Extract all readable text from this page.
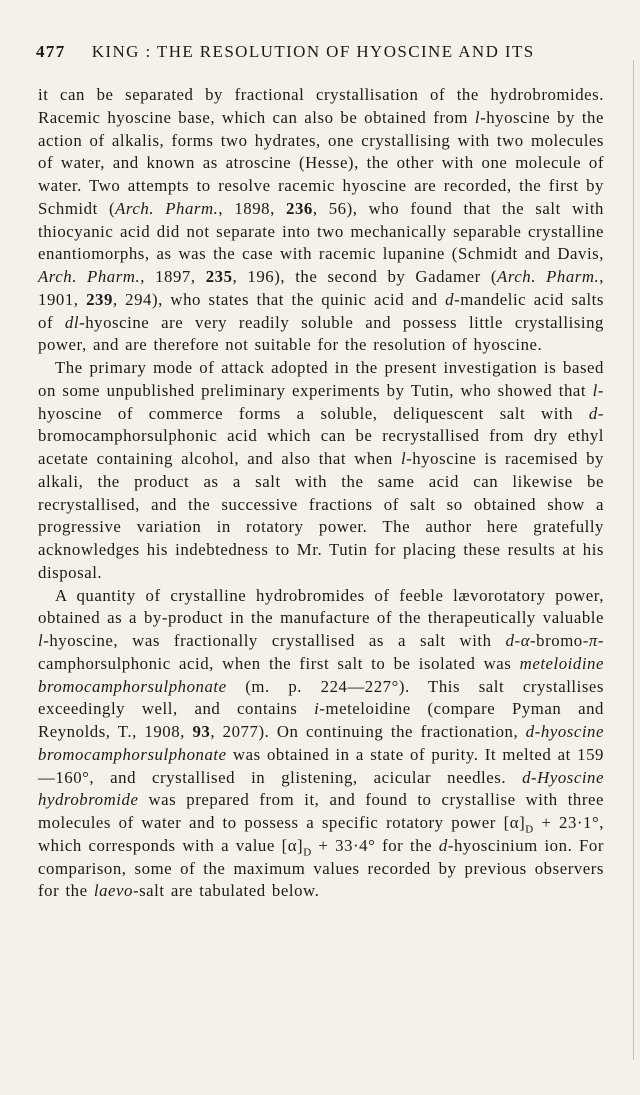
477 KING : THE RESOLUTION OF HYOSCINE AND ITS

it can be separated by fractional crystallisation of the hydrobromides. Racemic hyoscine base, which can also be obtained from l-hyoscine by the action of alkalis, forms two hydrates, one crystallising with two molecules of water, and known as atroscine (Hesse), the other with one molecule of water. Two attempts to resolve racemic hyoscine are recorded, the first by Schmidt (Arch. Pharm., 1898, 236, 56), who found that the salt with thiocyanic acid did not separate into two mechanically separable crystalline enantiomorphs, as was the case with racemic lupanine (Schmidt and Davis, Arch. Pharm., 1897, 235, 196), the second by Gadamer (Arch. Pharm., 1901, 239, 294), who states that the quinic acid and d-mandelic acid salts of dl-hyoscine are very readily soluble and possess little crystallising power, and are therefore not suitable for the resolution of hyoscine.

The primary mode of attack adopted in the present investigation is based on some unpublished preliminary experiments by Tutin, who showed that l-hyoscine of commerce forms a soluble, deliquescent salt with d-bromocamphorsulphonic acid which can be recrystallised from dry ethyl acetate containing alcohol, and also that when l-hyoscine is racemised by alkali, the product as a salt with the same acid can likewise be recrystallised, and the successive fractions of salt so obtained show a progressive variation in rotatory power. The author here gratefully acknowledges his indebtedness to Mr. Tutin for placing these results at his disposal.

A quantity of crystalline hydrobromides of feeble lævorotatory power, obtained as a by-product in the manufacture of the therapeutically valuable l-hyoscine, was fractionally crystallised as a salt with d-α-bromo-π-camphorsulphonic acid, when the first salt to be isolated was meteloidine bromocamphorsulphonate (m. p. 224—227°). This salt crystallises exceedingly well, and contains i-meteloidine (compare Pyman and Reynolds, T., 1908, 93, 2077). On continuing the fractionation, d-hyoscine bromocamphorsulphonate was obtained in a state of purity. It melted at 159—160°, and crystallised in glistening, acicular needles. d-Hyoscine hydrobromide was prepared from it, and found to crystallise with three molecules of water and to possess a specific rotatory power $[\alpha]_D + 23\cdot 1^\circ$, which corresponds with a value $[\alpha]_D + 33\cdot 4^\circ$ for the d-hyoscinium ion. For comparison, some of the maximum values recorded by previous observers for the laevo-salt are tabulated below.
